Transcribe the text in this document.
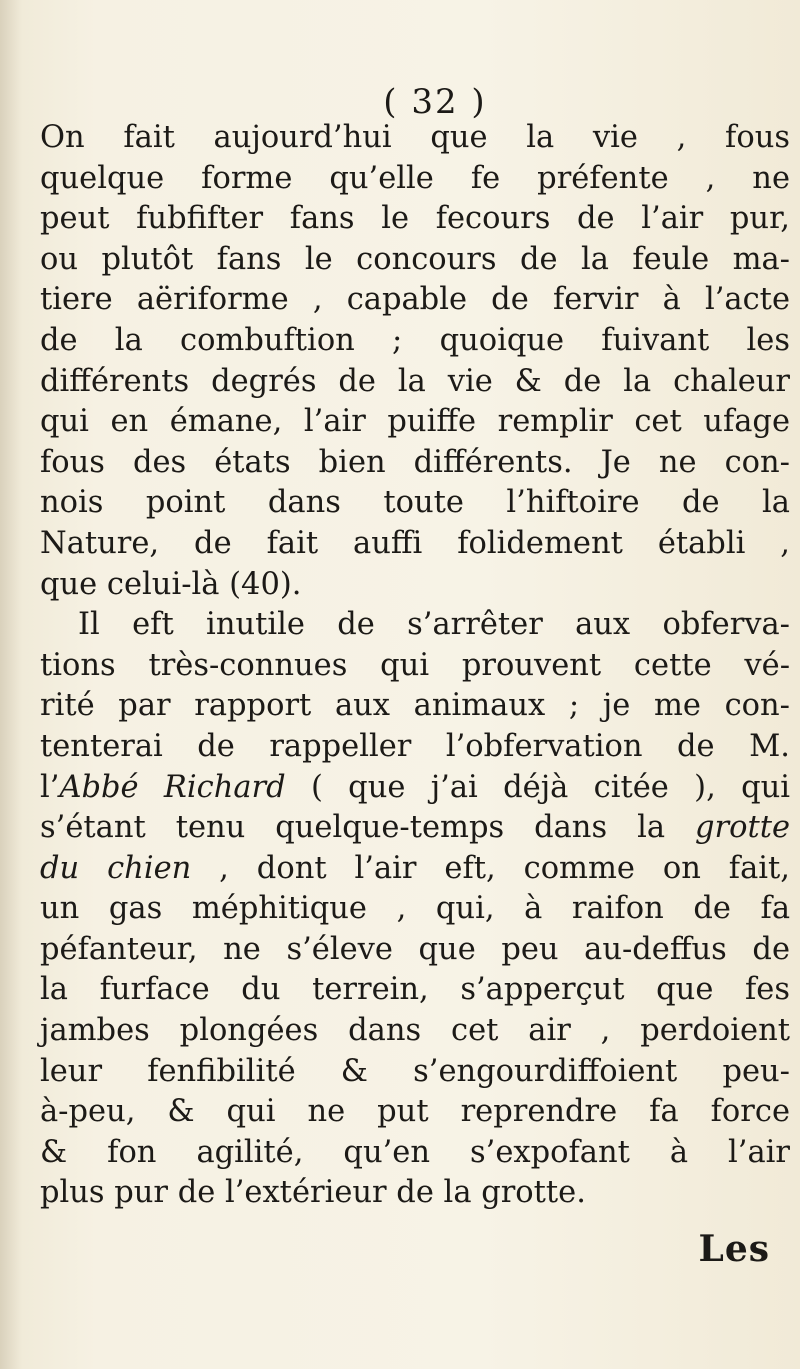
( 32 )
On fait aujourd’hui que la vie , fous
quelque forme qu’elle fe préfente , ne
peut fubfifter fans le fecours de l’air pur,
ou plutôt fans le concours de la feule ma-
tiere aëriforme , capable de fervir à l’acte
de la combuftion ; quoique fuivant les
différents degrés de la vie & de la chaleur
qui en émane, l’air puiffe remplir cet ufage
fous des états bien différents. Je ne con-
nois point dans toute l’hiftoire de la
Nature, de fait auffi folidement établi ,
que celui-là (40).
Il eft inutile de s’arrêter aux obferva-
tions très-connues qui prouvent cette vé-
rité par rapport aux animaux ; je me con-
tenterai de rappeller l’obfervation de M.
l’Abbé Richard ( que j’ai déjà citée ), qui
s’étant tenu quelque-temps dans la grotte
du chien , dont l’air eft, comme on fait,
un gas méphitique , qui, à raifon de fa
péfanteur, ne s’éleve que peu au-deffus de
la furface du terrein, s’apperçut que fes
jambes plongées dans cet air , perdoient
leur fenfibilité & s’engourdiffoient peu-
à-peu, & qui ne put reprendre fa force
& fon agilité, qu’en s’expofant à l’air
plus pur de l’extérieur de la grotte.
Les
